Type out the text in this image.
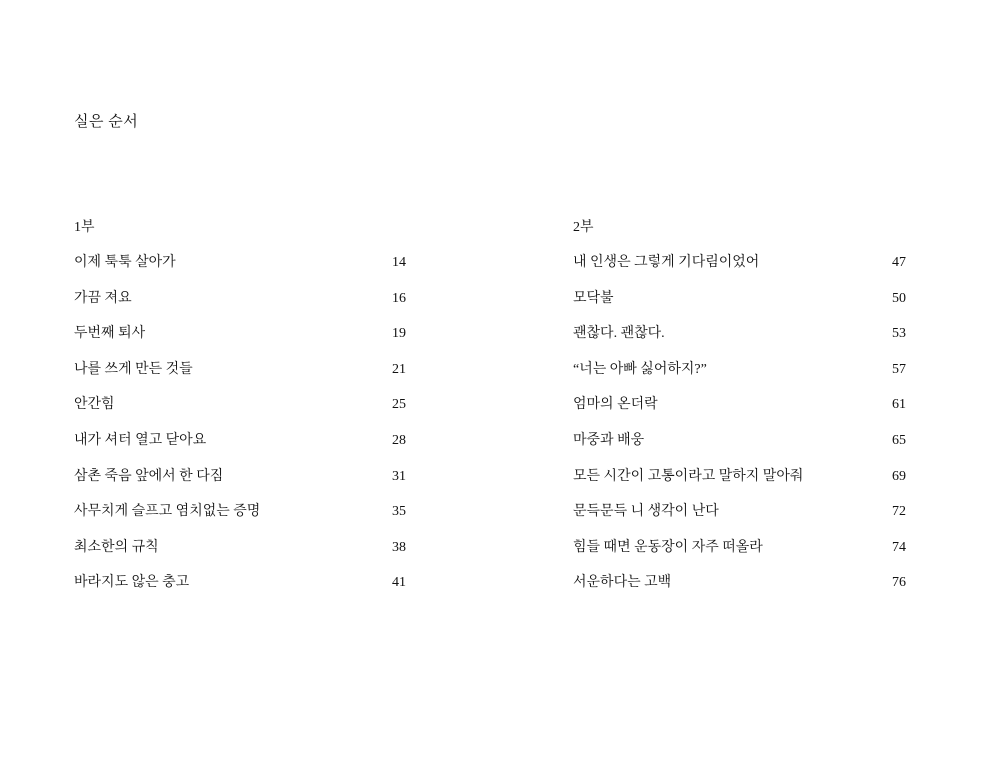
실은 순서
1부
이제 툭툭 살아가	14
가끔 져요	16
두번째 퇴사	19
나를 쓰게 만든 것들	21
안간힘	25
내가 셔터 열고 닫아요	28
삼촌 죽음 앞에서 한 다짐	31
사무치게 슬프고 염치없는 증명	35
최소한의 규칙	38
바라지도 않은 충고	41
2부
내 인생은 그렇게 기다림이었어	47
모닥불	50
괜찮다. 괜찮다.	53
“너는 아빠 싫어하지?”	57
엄마의 온더락	61
마중과 배웅	65
모든 시간이 고통이라고 말하지 말아줘	69
문득문득 니 생각이 난다	72
힘들 때면 운동장이 자주 떠올라	74
서운하다는 고백	76
